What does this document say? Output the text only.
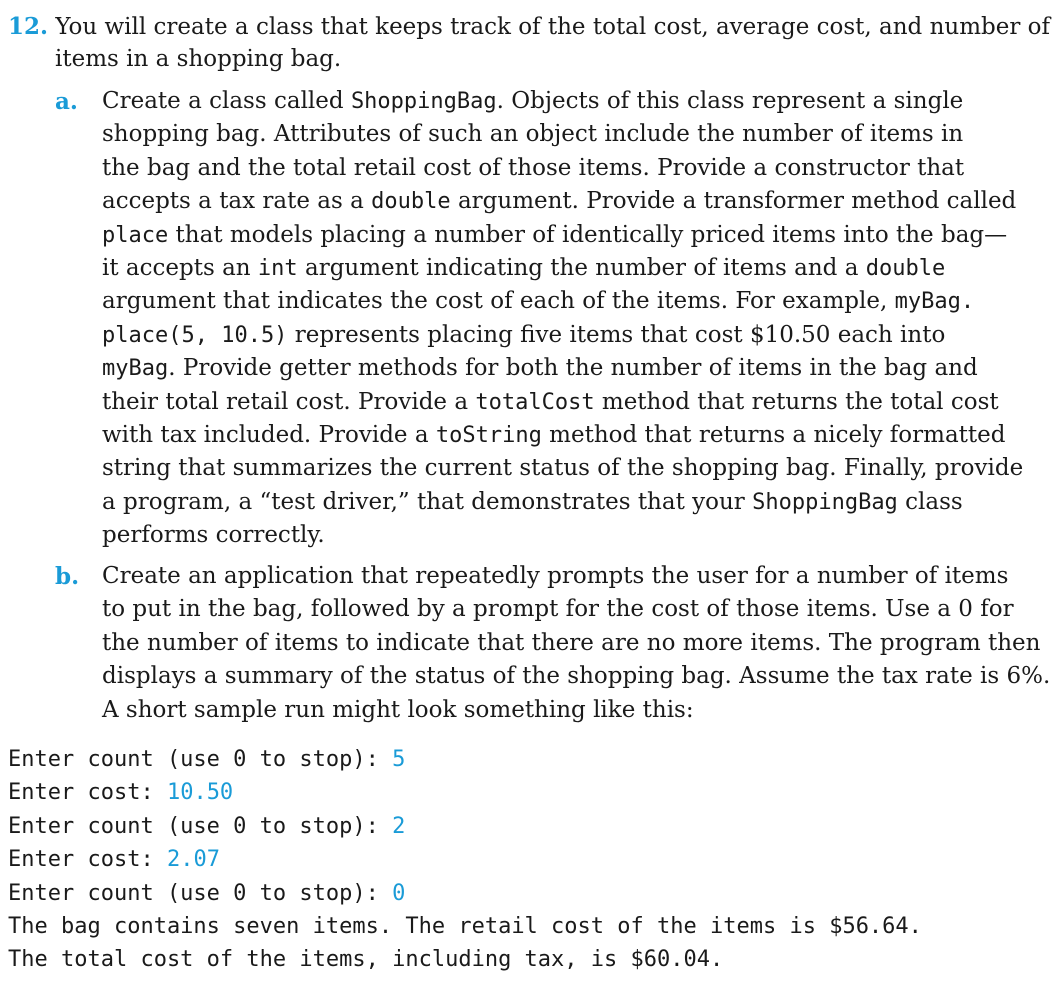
12. You will create a class that keeps track of the total cost, average cost, and number of
items in a shopping bag.
a. Create a class called ShoppingBag. Objects of this class represent a single
shopping bag. Attributes of such an object include the number of items in
the bag and the total retail cost of those items. Provide a constructor that
accepts a tax rate as a double argument. Provide a transformer method called
place that models placing a number of identically priced items into the bag—
it accepts an int argument indicating the number of items and a double
argument that indicates the cost of each of the items. For example, myBag.
place(5, 10.5) represents placing five items that cost $10.50 each into
myBag. Provide getter methods for both the number of items in the bag and
their total retail cost. Provide a totalCost method that returns the total cost
with tax included. Provide a toString method that returns a nicely formatted
string that summarizes the current status of the shopping bag. Finally, provide
a program, a “test driver,” that demonstrates that your ShoppingBag class
performs correctly.
b. Create an application that repeatedly prompts the user for a number of items
to put in the bag, followed by a prompt for the cost of those items. Use a 0 for
the number of items to indicate that there are no more items. The program then
displays a summary of the status of the shopping bag. Assume the tax rate is 6%.
A short sample run might look something like this:
Enter count (use 0 to stop): 5
Enter cost: 10.50
Enter count (use 0 to stop): 2
Enter cost: 2.07
Enter count (use 0 to stop): 0
The bag contains seven items. The retail cost of the items is $56.64.
The total cost of the items, including tax, is $60.04.
